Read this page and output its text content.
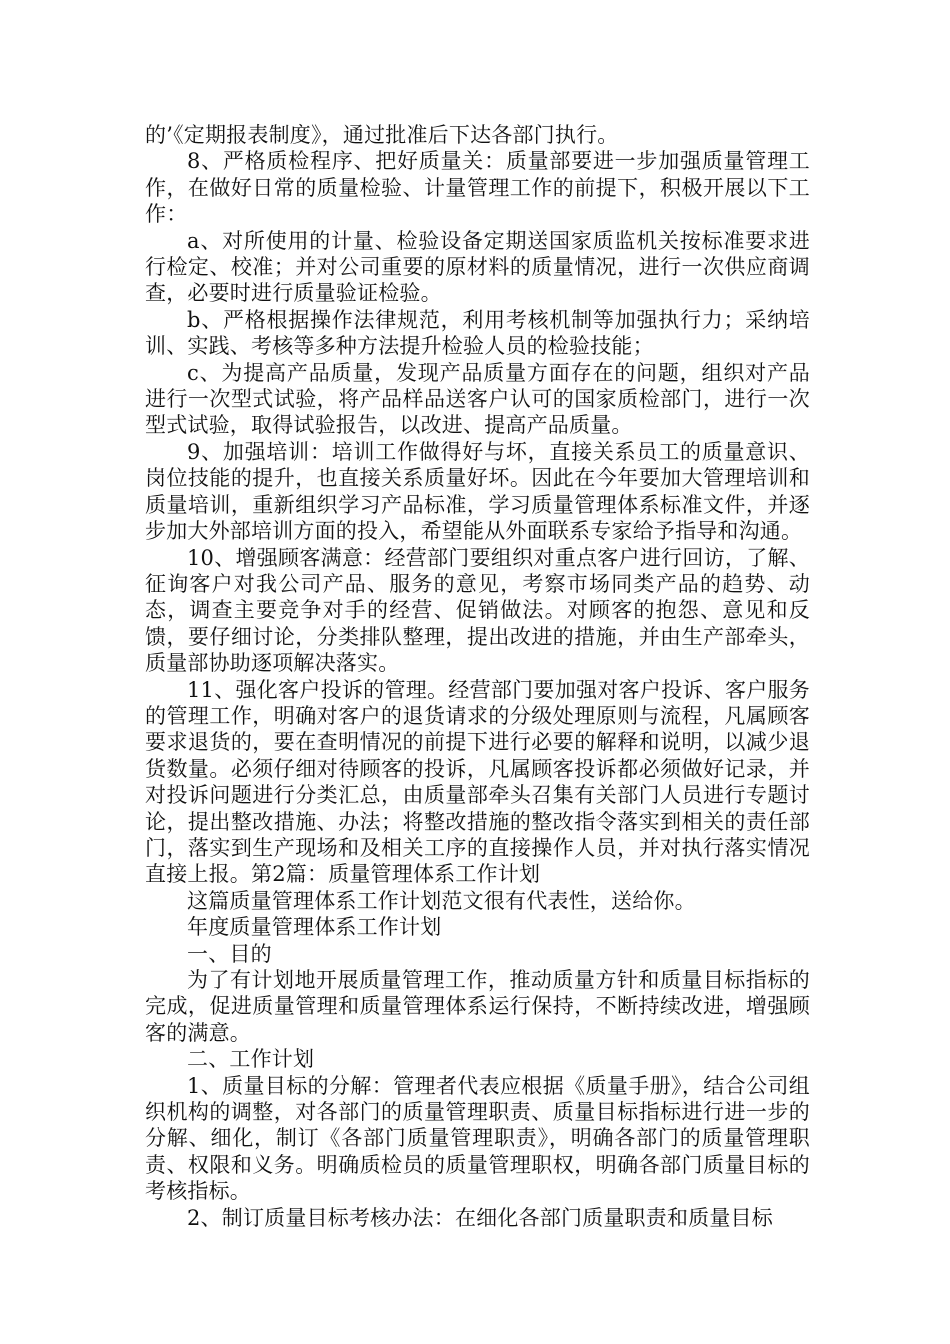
的’《定期报表制度》，通过批准后下达各部门执行。

8、严格质检程序、把好质量关：质量部要进一步加强质量管理工作，在做好日常的质量检验、计量管理工作的前提下，积极开展以下工作：

a、对所使用的计量、检验设备定期送国家质监机关按标准要求进行检定、校准；并对公司重要的原材料的质量情况，进行一次供应商调查，必要时进行质量验证检验。

b、严格根据操作法律规范，利用考核机制等加强执行力；采纳培训、实践、考核等多种方法提升检验人员的检验技能；

c、为提高产品质量，发现产品质量方面存在的问题，组织对产品进行一次型式试验，将产品样品送客户认可的国家质检部门，进行一次型式试验，取得试验报告，以改进、提高产品质量。

9、加强培训：培训工作做得好与坏，直接关系员工的质量意识、岗位技能的提升，也直接关系质量好坏。因此在今年要加大管理培训和质量培训，重新组织学习产品标准，学习质量管理体系标准文件，并逐步加大外部培训方面的投入，希望能从外面联系专家给予指导和沟通。

10、增强顾客满意：经营部门要组织对重点客户进行回访，了解、征询客户对我公司产品、服务的意见，考察市场同类产品的趋势、动态，调查主要竞争对手的经营、促销做法。对顾客的抱怨、意见和反馈，要仔细讨论，分类排队整理，提出改进的措施，并由生产部牵头，质量部协助逐项解决落实。

11、强化客户投诉的管理。经营部门要加强对客户投诉、客户服务的管理工作，明确对客户的退货请求的分级处理原则与流程，凡属顾客要求退货的，要在查明情况的前提下进行必要的解释和说明，以减少退货数量。必须仔细对待顾客的投诉，凡属顾客投诉都必须做好记录，并对投诉问题进行分类汇总，由质量部牵头召集有关部门人员进行专题讨论，提出整改措施、办法；将整改措施的整改指令落实到相关的责任部门，落实到生产现场和及相关工序的直接操作人员，并对执行落实情况直接上报。第2篇：质量管理体系工作计划

这篇质量管理体系工作计划范文很有代表性，送给你。

年度质量管理体系工作计划

一、目的

为了有计划地开展质量管理工作，推动质量方针和质量目标指标的完成，促进质量管理和质量管理体系运行保持，不断持续改进，增强顾客的满意。

二、工作计划

1、质量目标的分解：管理者代表应根据《质量手册》，结合公司组织机构的调整，对各部门的质量管理职责、质量目标指标进行进一步的分解、细化，制订《各部门质量管理职责》，明确各部门的质量管理职责、权限和义务。明确质检员的质量管理职权，明确各部门质量目标的考核指标。

2、制订质量目标考核办法：在细化各部门质量职责和质量目标
